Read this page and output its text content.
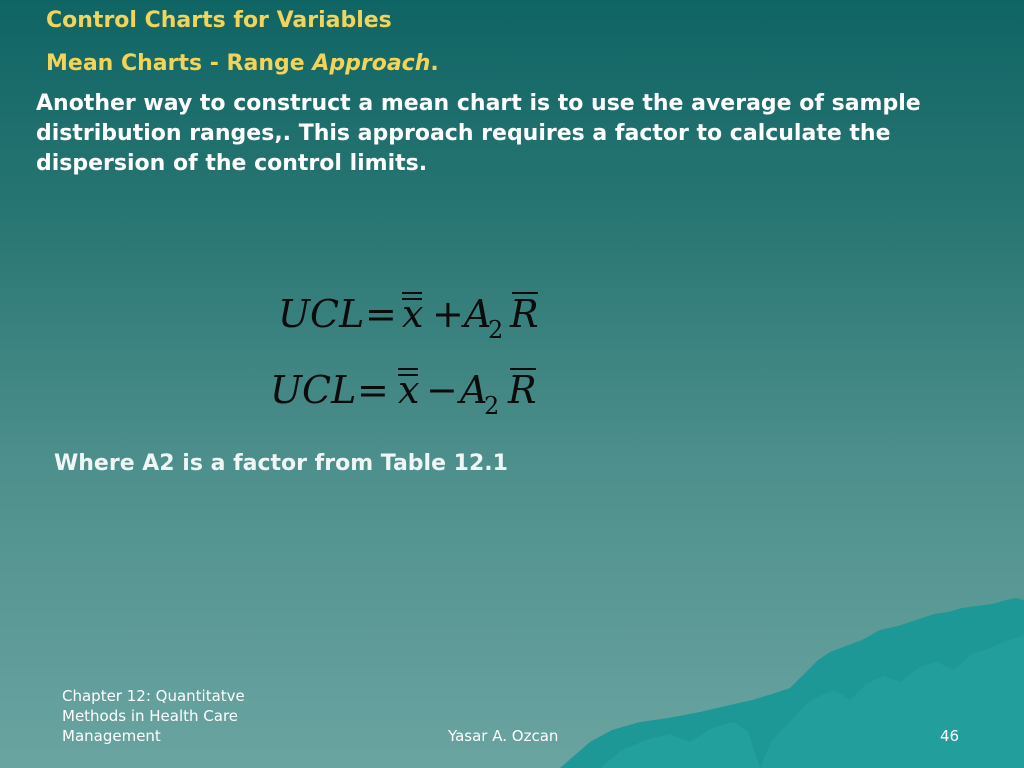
Control Charts for Variables
Mean Charts - Range Approach.

Another way to construct a mean chart is to use the average of sample distribution ranges,. This approach requires a factor to calculate the dispersion of the control limits.

UCL = x + A
2 R
UCL = x − A
2 R

Where A2 is a factor from Table 12.1

Chapter 12: Quantitatve Methods in Health Care Management	Yasar A. Ozcan	46
